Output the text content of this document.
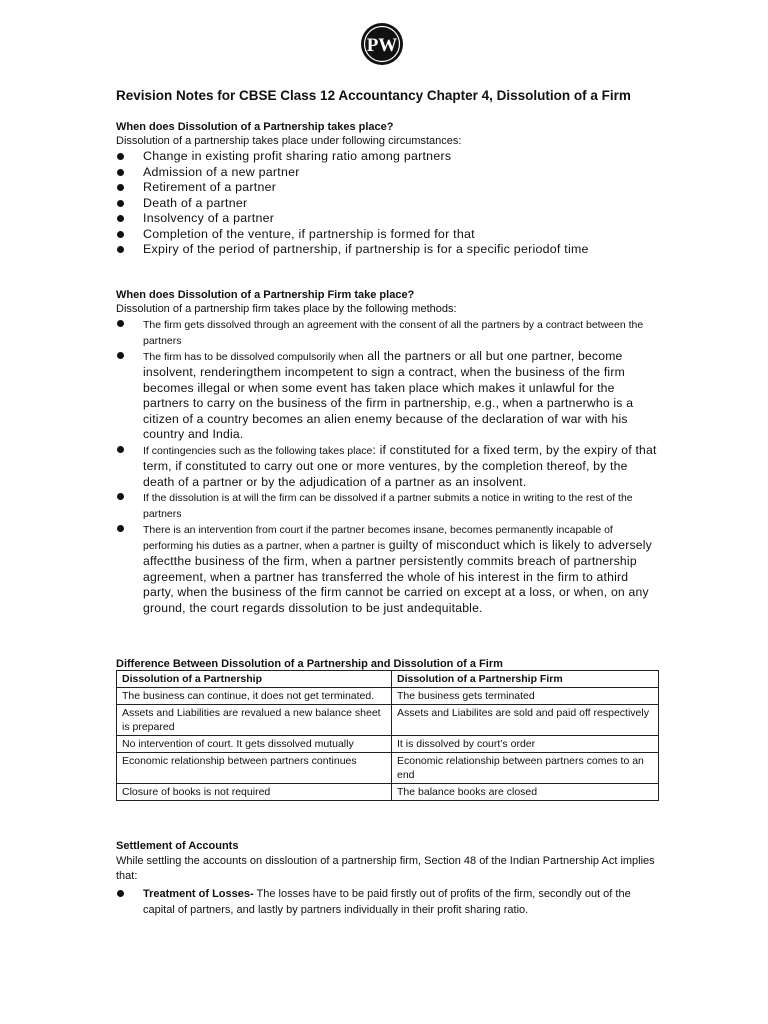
PW
Revision Notes for CBSE Class 12 Accountancy Chapter 4, Dissolution of a Firm

When does Dissolution of a Partnership takes place?

Dissolution of a partnership takes place under following circumstances:

Change in existing profit sharing ratio among partners
Admission of a new partner
Retirement of a partner
Death of a partner
Insolvency of a partner
Completion of the venture, if partnership is formed for that
Expiry of the period of partnership, if partnership is for a specific periodof time

When does Dissolution of a Partnership Firm take place?

Dissolution of a partnership firm takes place by the following methods:

The firm gets dissolved through an agreement with the consent of all the partners by a contract between the partners
The firm has to be dissolved compulsorily when all the partners or all but one partner, become insolvent, renderingthem incompetent to sign a contract, when the business of the firm becomes illegal or when some event has taken place which makes it unlawful for the partners to carry on the business of the firm in partnership, e.g., when a partnerwho is a citizen of a country becomes an alien enemy because of the declaration of war with his country and India.
If contingencies such as the following takes place: if constituted for a fixed term, by the expiry of that term, if constituted to carry out one or more ventures, by the completion thereof, by the death of a partner or by the adjudication of a partner as an insolvent.
If the dissolution is at will the firm can be dissolved if a partner submits a notice in writing to the rest of the partners
There is an intervention from court if the partner becomes insane, becomes permanently incapable of performing his duties as a partner, when a partner is guilty of misconduct which is likely to adversely affectthe business of the firm, when a partner persistently commits breach of partnership agreement, when a partner has transferred the whole of his interest in the firm to athird party, when the business of the firm cannot be carried on except at a loss, or when, on any ground, the court regards dissolution to be just andequitable.

Difference Between Dissolution of a Partnership and Dissolution of a Firm

Dissolution of a Partnership	Dissolution of a Partnership Firm
The business can continue, it does not get terminated.	The business gets terminated
Assets and Liabilities are revalued a new balance sheet is prepared	Assets and Liabilites are sold and paid off respectively
No intervention of court. It gets dissolved mutually	It is dissolved by court’s order
Economic relationship between partners continues	Economic relationship between partners comes to an end
Closure of books is not required	The balance books are closed

Settlement of Accounts

While settling the accounts on dissloution of a partnership firm, Section 48 of the Indian Partnership Act implies that:

Treatment of Losses- The losses have to be paid firstly out of profits of the firm, secondly out of the capital of partners, and lastly by partners individually in their profit sharing ratio.
